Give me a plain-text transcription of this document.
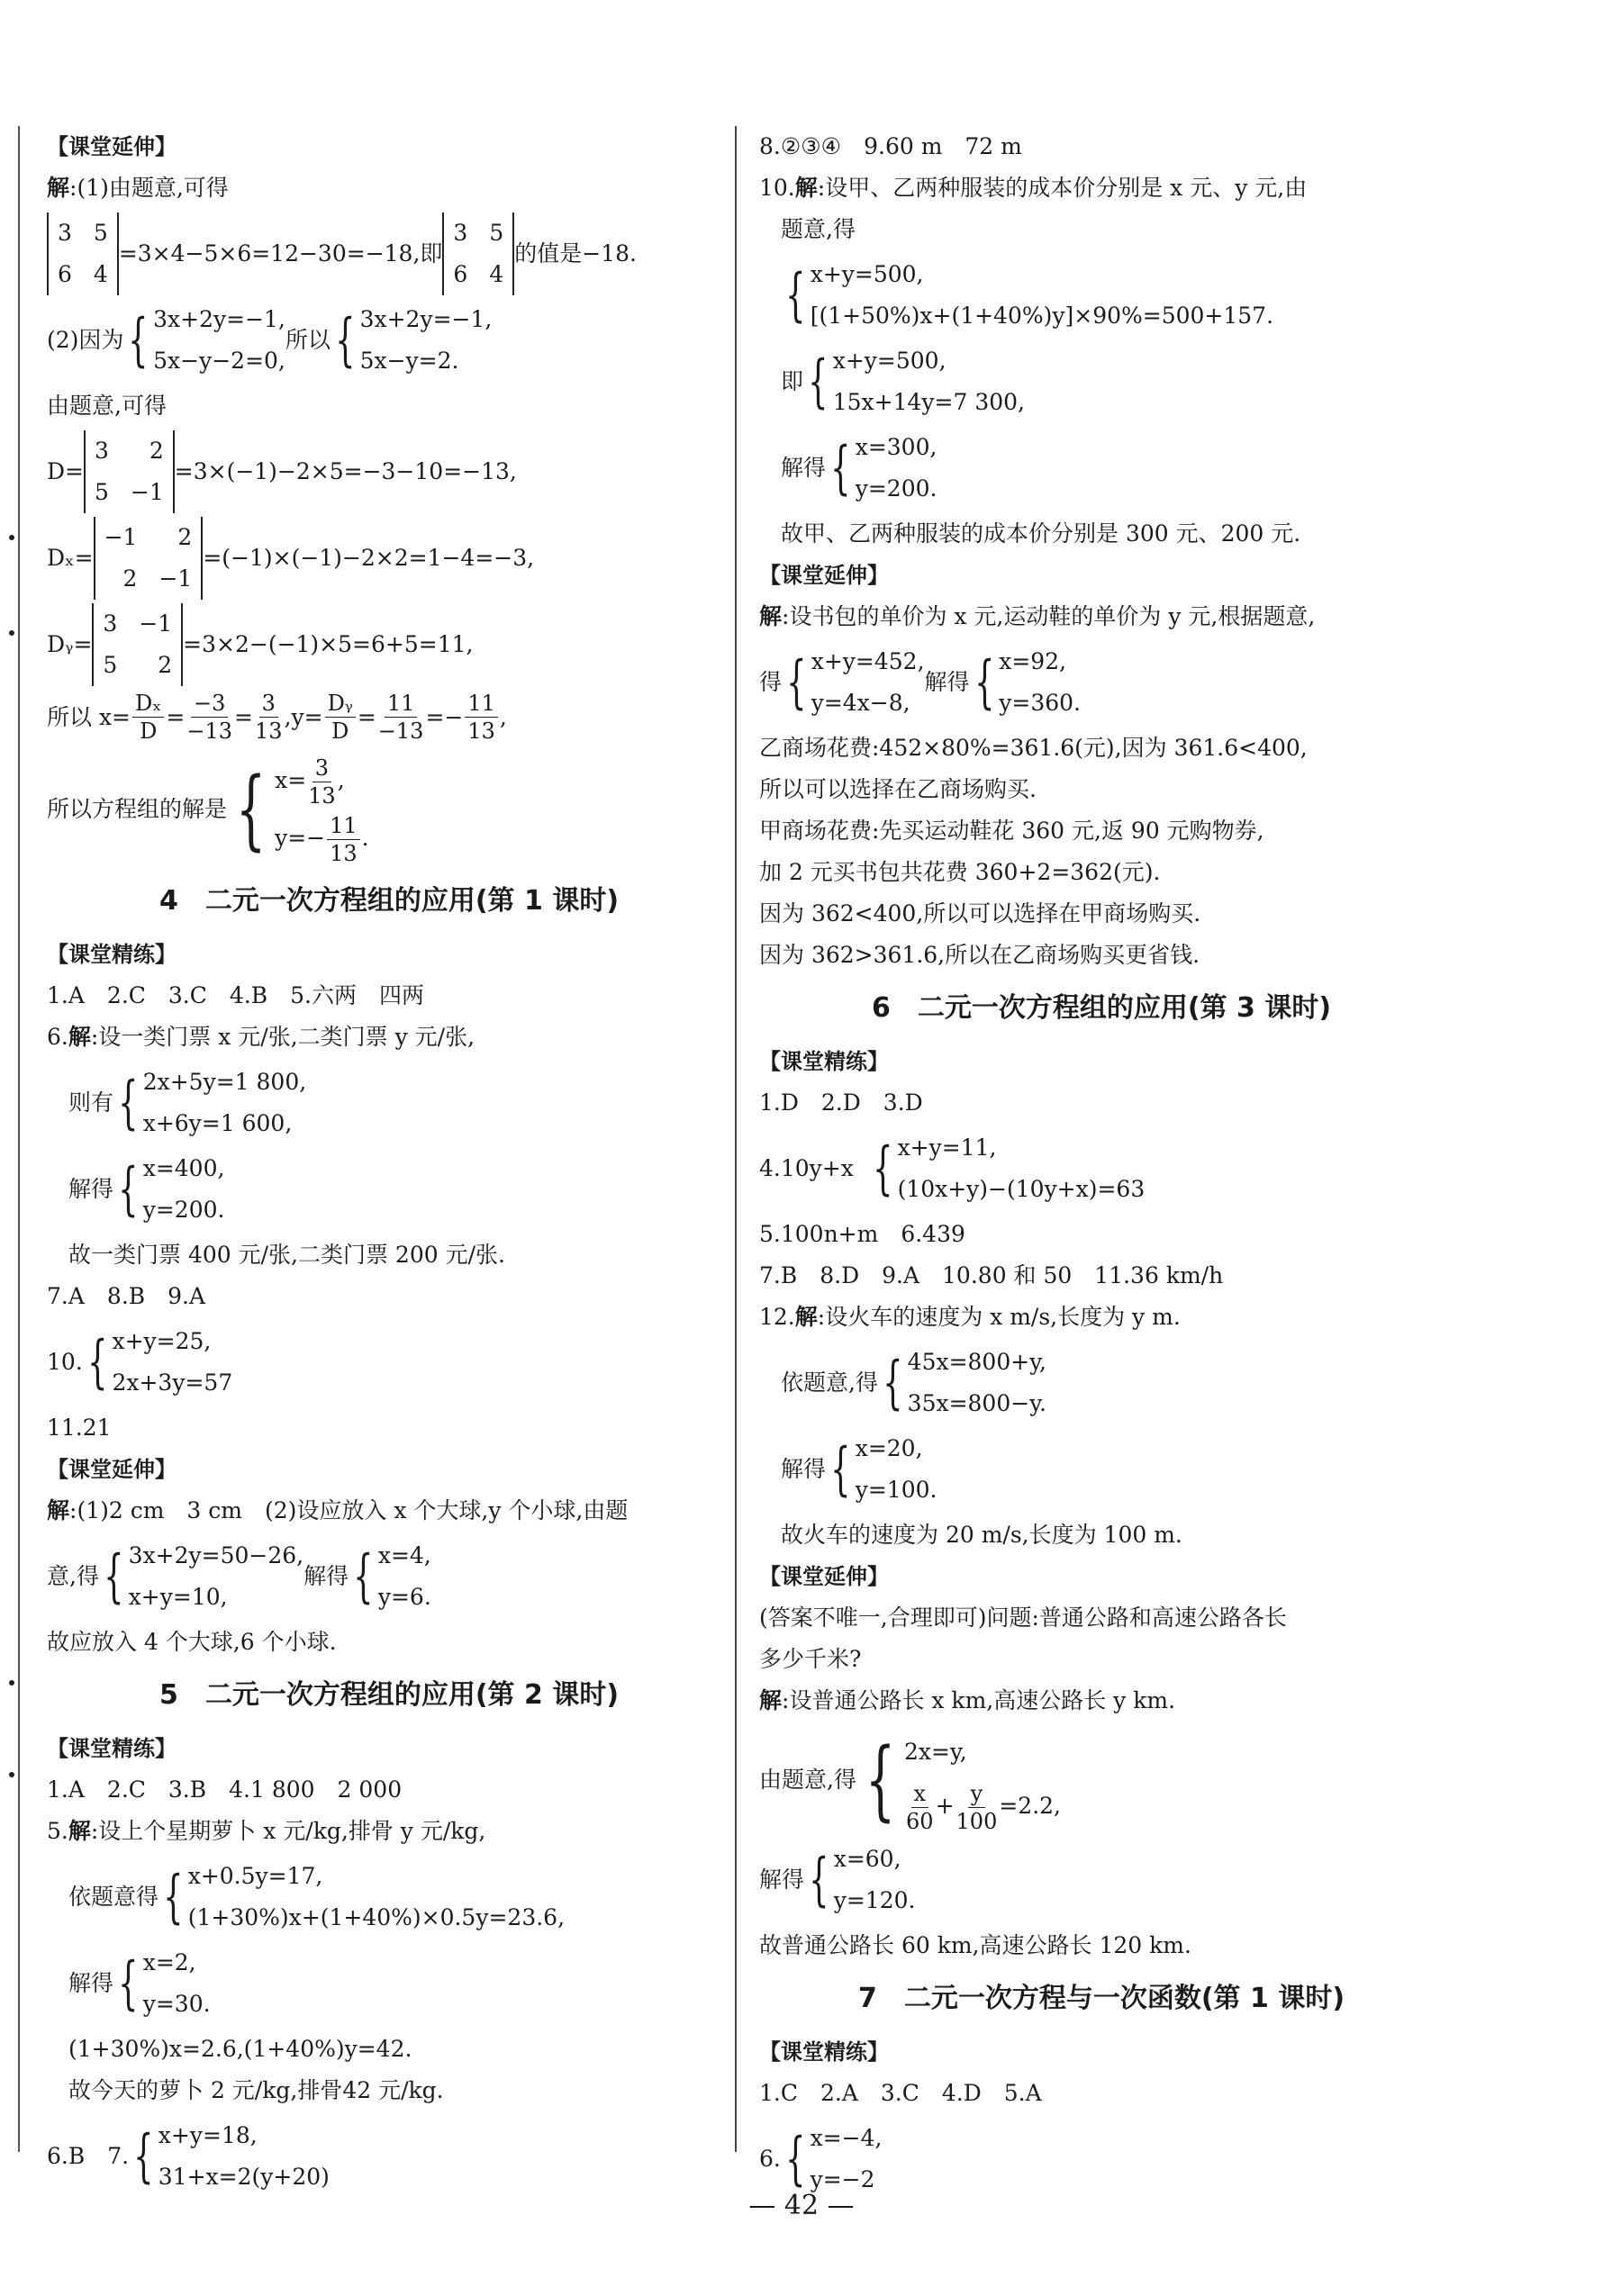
【课堂延伸】
解:(1)由题意,可得
3 5
6 4
=3×4−5×6=12−30=−18,即
3 5
6 4
的值是−18.
(2)因为 { 3x+2y=−1,
5x−y−2=0,
所以 { 3x+2y=−1,
5x−y=2.
由题意,可得
D=
3	2
5 −1
=3×(−1)−2×5=−3−10=−13,
Dₓ=
−1	2
2 −1
=(−1)×(−1)−2×2=1−4=−3,
Dᵧ=
3 −1
5	2
=3×2−(−1)×5=6+5=11,
所以 $x= \frac{\text{Dₓ}}{D} = \frac{-3}{-13} = \frac{3}{13} ,y= \frac{\text{Dᵧ}}{D} = \frac{11}{-13} =- \frac{11}{13}$ ,
所以方程组的解是 { $x= \frac{3}{13}$ ,
$y=- \frac{11}{13}$ .
4　二元一次方程组的应用(第 1 课时)
【课堂精练】
1.A　2.C　3.C　4.B　5.六两　四两
6.解:设一类门票 x 元/张,二类门票 y 元/张,
则有 { 2x+5y=1 800,
x+6y=1 600,
解得 { x=400,
y=200.
故一类门票 400 元/张,二类门票 200 元/张.
7.A　8.B　9.A
10. { x+y=25,
2x+3y=57
11.21
【课堂延伸】
解:(1)2 cm　3 cm　(2)设应放入 x 个大球,y 个小球,由题
意,得 { 3x+2y=50−26,
x+y=10,
解得 { x=4,
y=6.
故应放入 4 个大球,6 个小球.
5　二元一次方程组的应用(第 2 课时)
【课堂精练】
1.A　2.C　3.B　4.1 800　2 000
5.解:设上个星期萝卜 x 元/kg,排骨 y 元/kg,
依题意得 { x+0.5y=17,
(1+30%)x+(1+40%)×0.5y=23.6,
解得 { x=2,
y=30.
(1+30%)x=2.6,(1+40%)y=42.
故今天的萝卜 2 元/kg,排骨42 元/kg.
6.B　7. { x+y=18,
31+x=2(y+20)
8.②③④　9.60 m　72 m
10.解:设甲、乙两种服装的成本价分别是 x 元、y 元,由
题意,得
{ x+y=500,
[(1+50%)x+(1+40%)y]×90%=500+157.
即 { x+y=500,
15x+14y=7 300,
解得 { x=300,
y=200.
故甲、乙两种服装的成本价分别是 300 元、200 元.
【课堂延伸】
解:设书包的单价为 x 元,运动鞋的单价为 y 元,根据题意,
得 { x+y=452,
y=4x−8,
解得 { x=92,
y=360.
乙商场花费:452×80%=361.6(元),因为 361.6<400,
所以可以选择在乙商场购买.
甲商场花费:先买运动鞋花 360 元,返 90 元购物券,
加 2 元买书包共花费 360+2=362(元).
因为 362<400,所以可以选择在甲商场购买.
因为 362>361.6,所以在乙商场购买更省钱.
6　二元一次方程组的应用(第 3 课时)
【课堂精练】
1.D　2.D　3.D
4.10y+x { x+y=11,
(10x+y)−(10y+x)=63
5.100n+m　6.439
7.B　8.D　9.A　10.80 和 50　11.36 km/h
12.解:设火车的速度为 x m/s,长度为 y m.
依题意,得 { 45x=800+y,
35x=800−y.
解得 { x=20,
y=100.
故火车的速度为 20 m/s,长度为 100 m.
【课堂延伸】
(答案不唯一,合理即可)问题:普通公路和高速公路各长
多少千米?
解:设普通公路长 x km,高速公路长 y km.
由题意,得 { 2x=y,
$\frac{x}{60} + \frac{y}{100} =2.2$,
解得 { x=60,
y=120.
故普通公路长 60 km,高速公路长 120 km.
7　二元一次方程与一次函数(第 1 课时)
【课堂精练】
1.C　2.A　3.C　4.D　5.A
6. { x=−4,
y=−2
— 42 —
